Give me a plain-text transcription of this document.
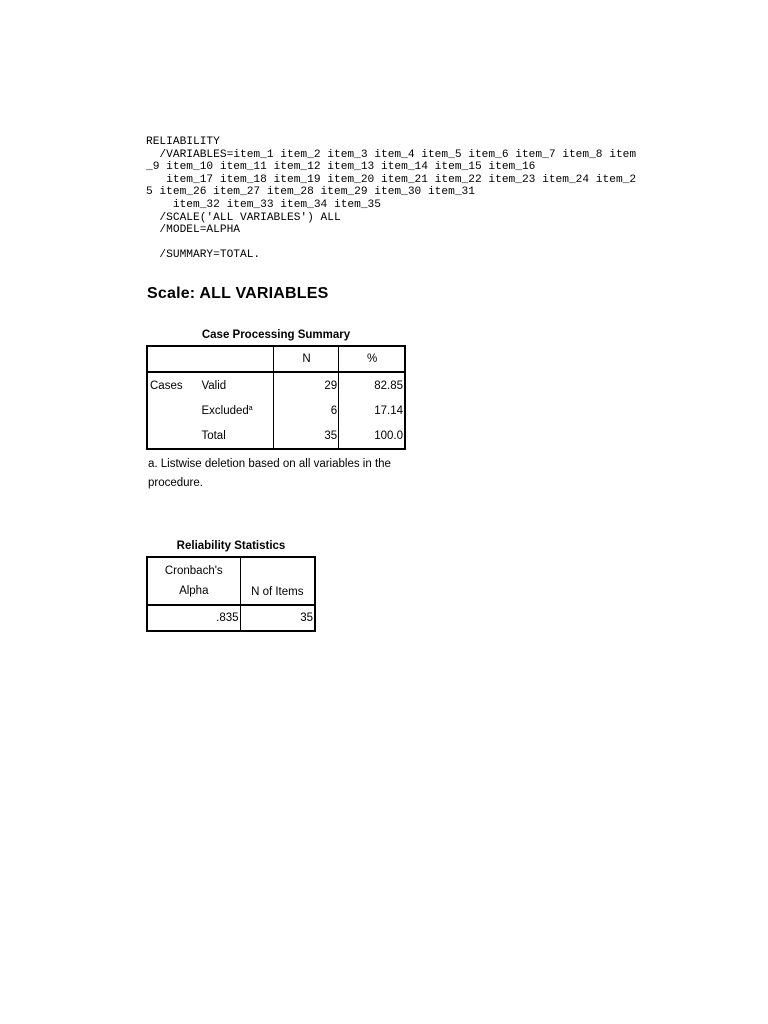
RELIABILITY
/VARIABLES=item_1 item_2 item_3 item_4 item_5 item_6 item_7 item_8 item
_9 item_10 item_11 item_12 item_13 item_14 item_15 item_16
item_17 item_18 item_19 item_20 item_21 item_22 item_23 item_24 item_2
5 item_26 item_27 item_28 item_29 item_30 item_31
item_32 item_33 item_34 item_35
/SCALE('ALL VARIABLES') ALL
/MODEL=ALPHA
/SUMMARY=TOTAL.
Scale: ALL VARIABLES
Case Processing Summary
		N	%
Cases	Valid	29	82.85
	Excluded$^a$	6	17.14
	Total	35	100.0
a. Listwise deletion based on all variables in the
procedure.
Reliability Statistics
Cronbach's
Alpha	N of Items
.835	35
